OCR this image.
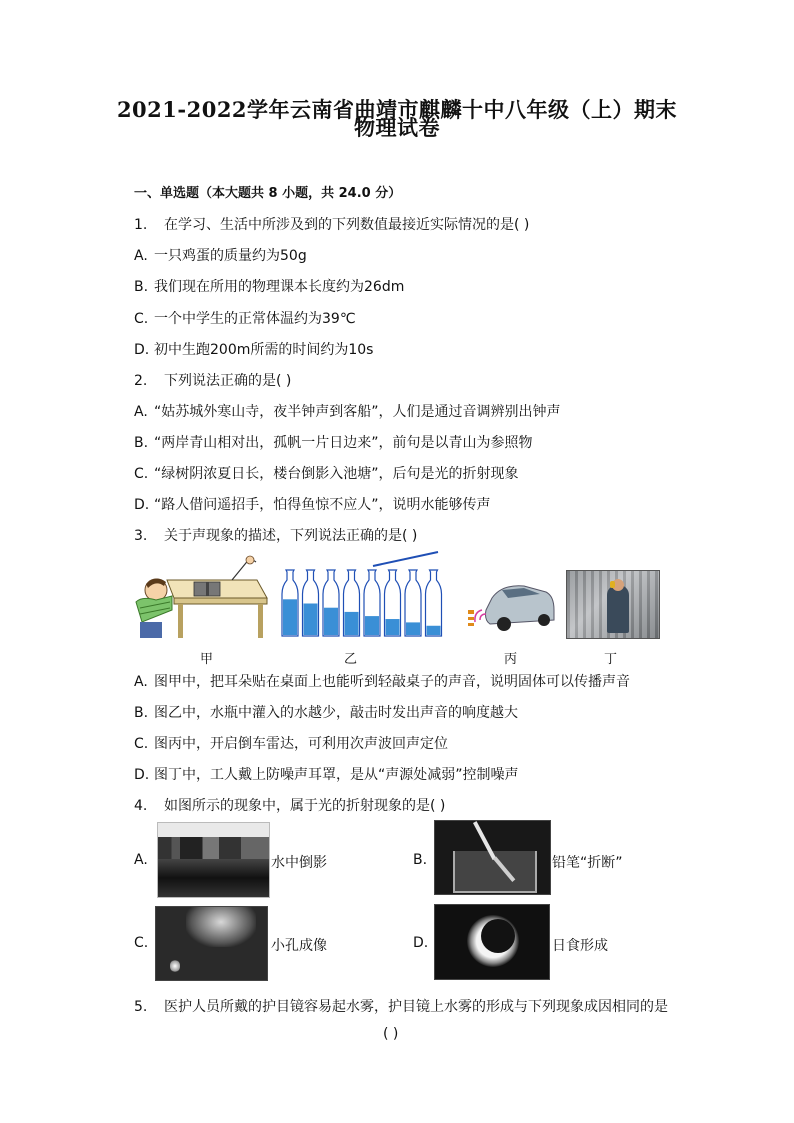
2021-2022学年云南省曲靖市麒麟十中八年级（上）期末
物理试卷
一、单选题（本大题共 8 小题，共 24.0 分）
1. 在学习、生活中所涉及到的下列数值最接近实际情况的是( )
A. 一只鸡蛋的质量约为50g
B. 我们现在所用的物理课本长度约为26dm
C. 一个中学生的正常体温约为39℃
D. 初中生跑200m所需的时间约为10s
2. 下列说法正确的是( )
A. “姑苏城外寒山寺，夜半钟声到客船”，人们是通过音调辨别出钟声
B. “两岸青山相对出，孤帆一片日边来”，前句是以青山为参照物
C. “绿树阴浓夏日长，楼台倒影入池塘”，后句是光的折射现象
D. “路人借问遥招手，怕得鱼惊不应人”，说明水能够传声
3. 关于声现象的描述，下列说法正确的是( )
甲	乙	丙	丁
A. 图甲中，把耳朵贴在桌面上也能听到轻敲桌子的声音，说明固体可以传播声音
B. 图乙中，水瓶中灌入的水越少，敲击时发出声音的响度越大
C. 图丙中，开启倒车雷达，可利用次声波回声定位
D. 图丁中，工人戴上防噪声耳罩，是从“声源处减弱”控制噪声
4. 如图所示的现象中，属于光的折射现象的是( )
A.	水中倒影	B.	铅笔“折断”
C.	小孔成像	D.	日食形成
5. 医护人员所戴的护目镜容易起水雾，护目镜上水雾的形成与下列现象成因相同的是
( )
